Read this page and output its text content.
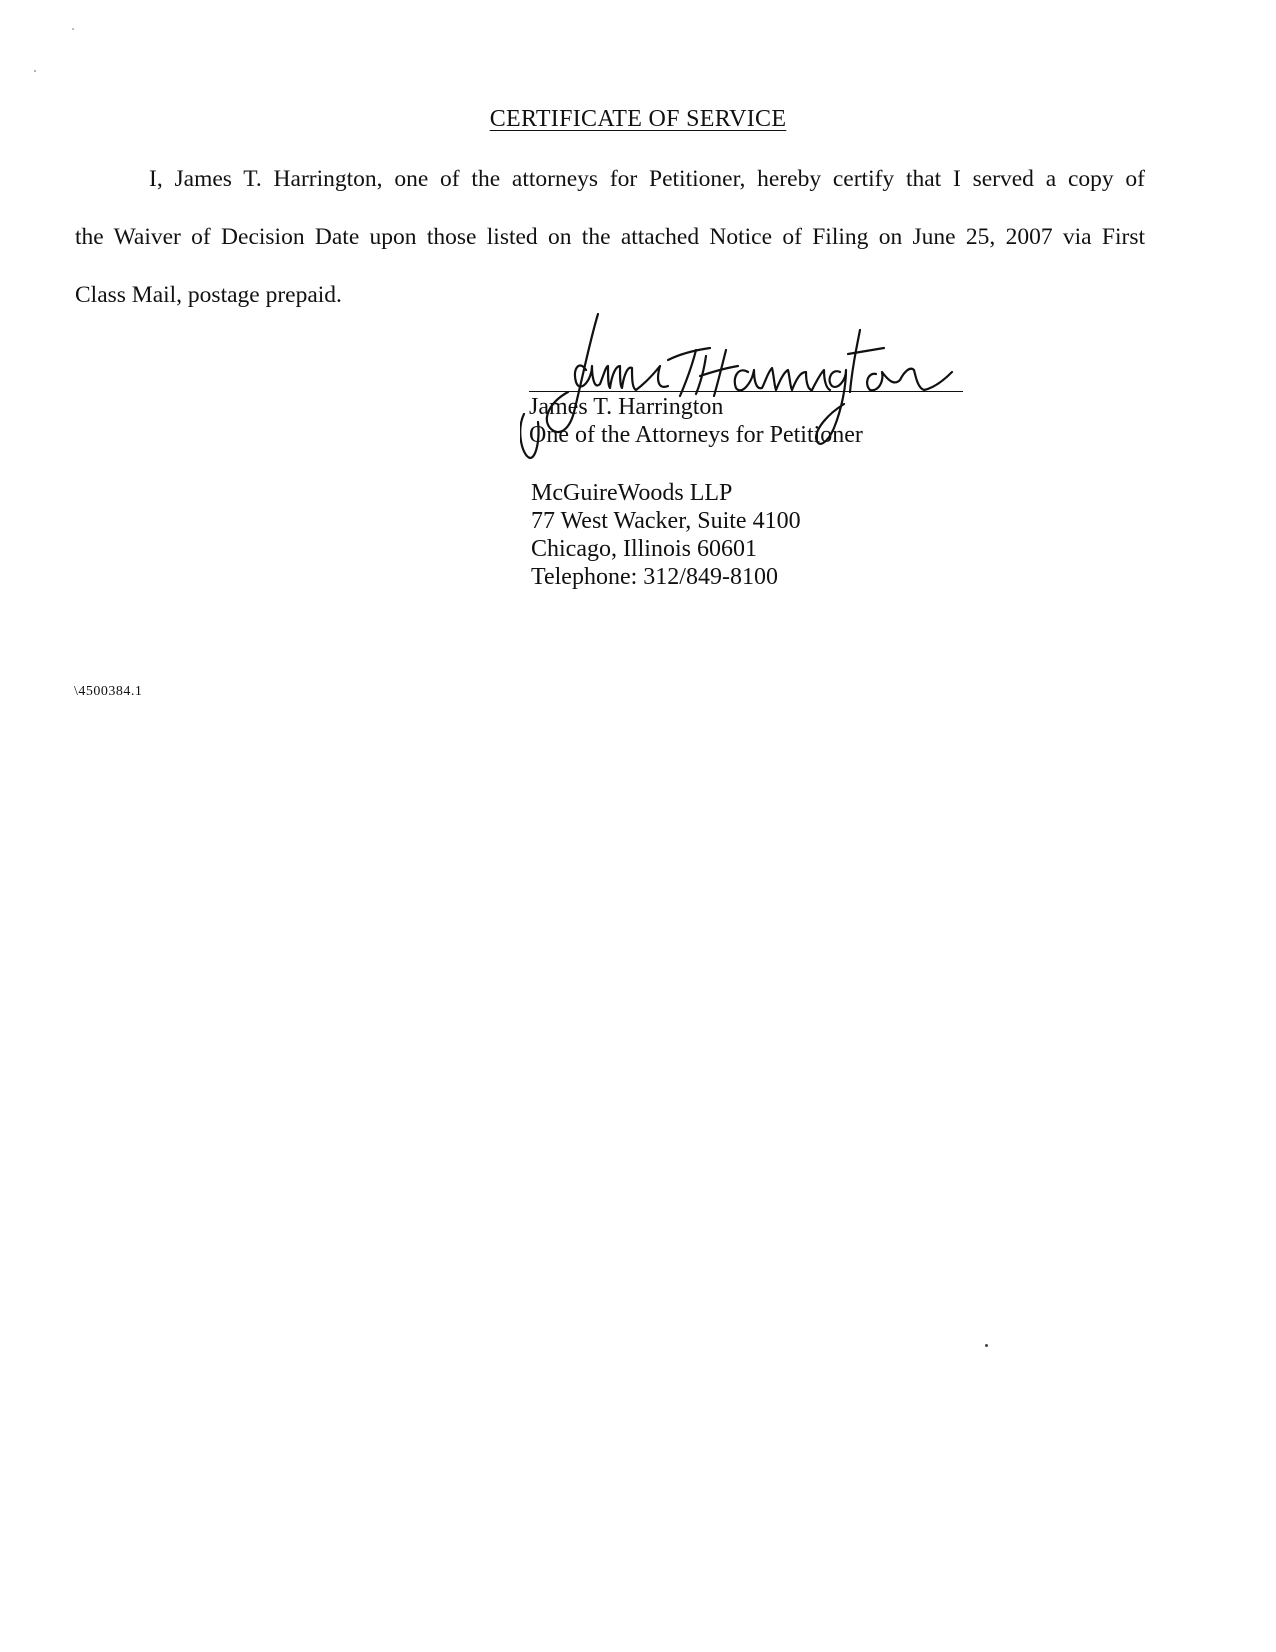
CERTIFICATE OF SERVICE
I, James T. Harrington, one of the attorneys for Petitioner, hereby certify that I served a copy of
the Waiver of Decision Date upon those listed on the attached Notice of Filing on June 25, 2007 via First
Class Mail, postage prepaid.
James T. Harrington
One of the Attorneys for Petitioner
McGuireWoods LLP
77 West Wacker, Suite 4100
Chicago, Illinois 60601
Telephone: 312/849-8100
\4500384.1
